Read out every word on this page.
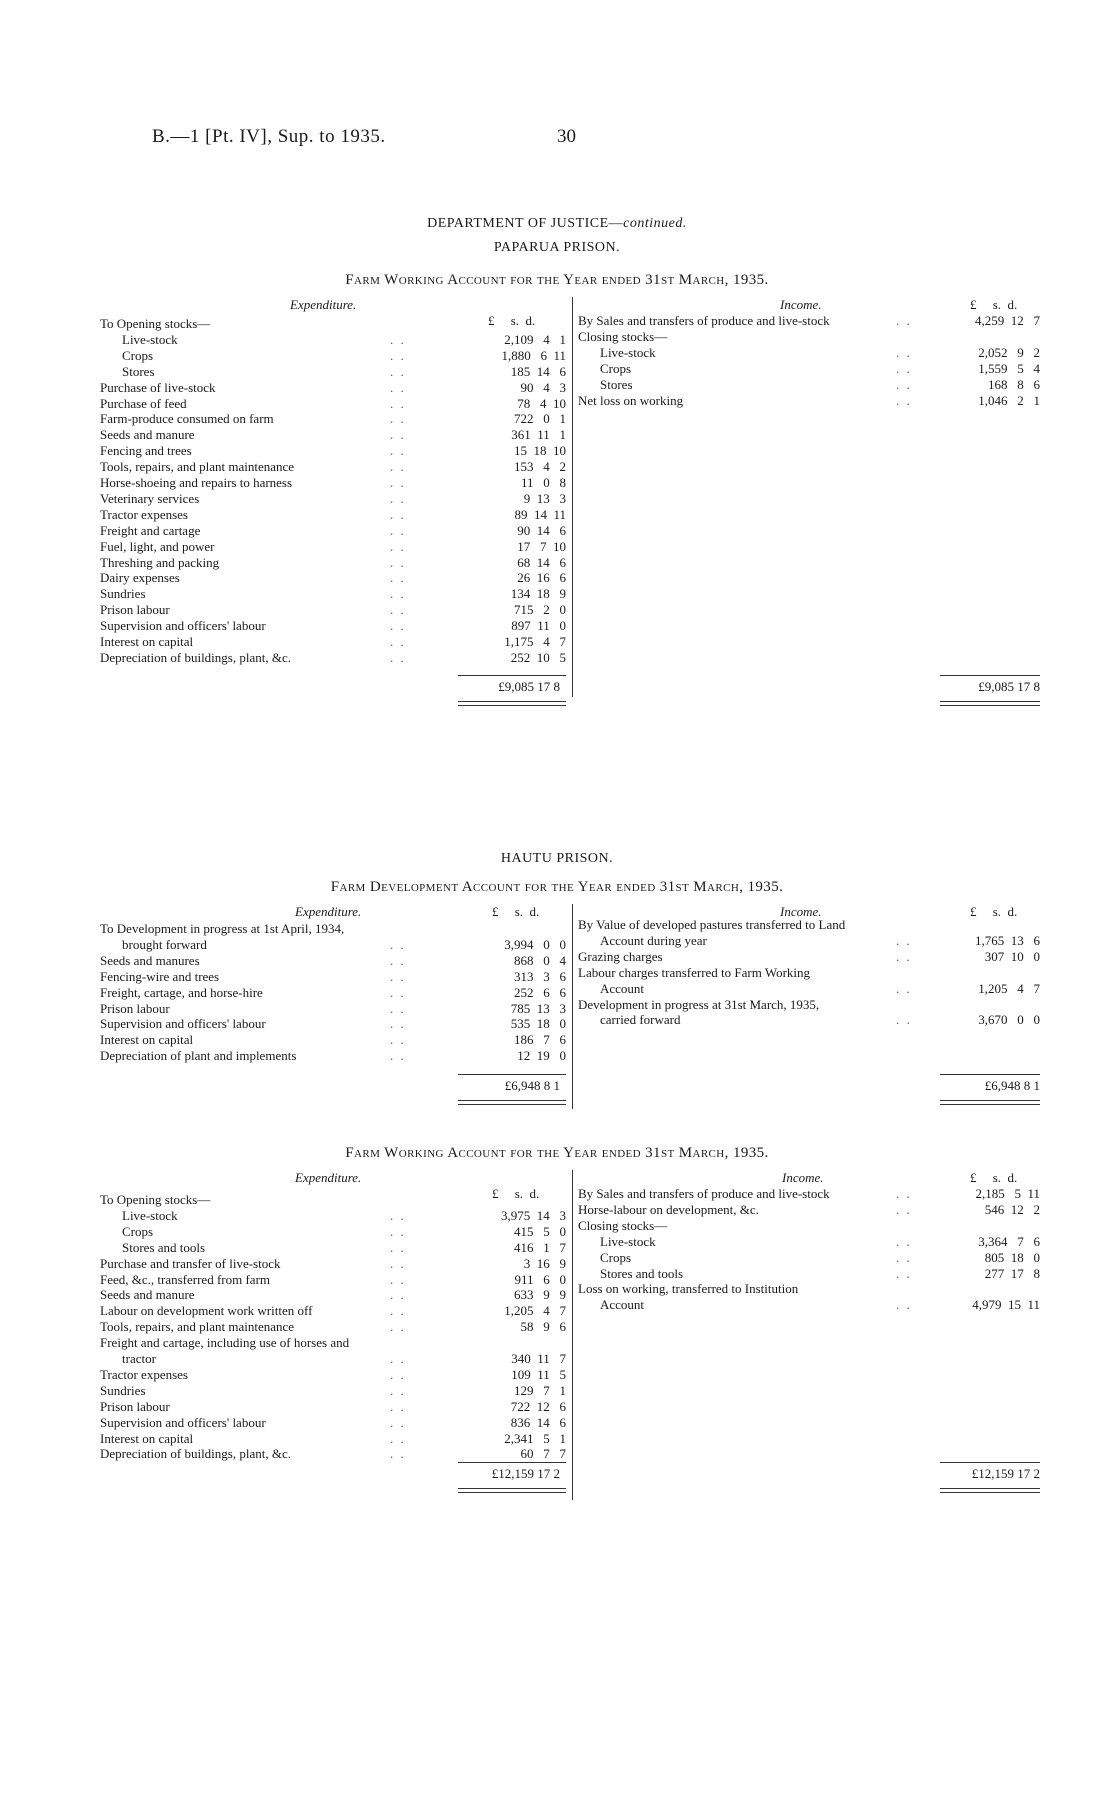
B.—1 [Pt. IV], Sup. to 1935.	30
DEPARTMENT OF JUSTICE—continued.
PAPARUA PRISON.
Farm Working Account for the Year ended 31st March, 1935.
Expenditure.
£     s.  d.
Income.	£     s.  d.
To Opening stocks—
Live-stock	. .	2,109   4   1
Crops	. .	1,880   6  11
Stores	. .	185  14   6
Purchase of live-stock	. .	90   4   3
Purchase of feed	. .	78   4  10
Farm-produce consumed on farm	. .	722   0   1
Seeds and manure	. .	361  11   1
Fencing and trees	. .	15  18  10
Tools, repairs, and plant maintenance	. .	153   4   2
Horse-shoeing and repairs to harness	. .	11   0   8
Veterinary services	. .	9  13   3
Tractor expenses	. .	89  14  11
Freight and cartage	. .	90  14   6
Fuel, light, and power	. .	17   7  10
Threshing and packing	. .	68  14   6
Dairy expenses	. .	26  16   6
Sundries	. .	134  18   9
Prison labour	. .	715   2   0
Supervision and officers' labour	. .	897  11   0
Interest on capital	. .	1,175   4   7
Depreciation of buildings, plant, &c.	. .	252  10   5
By Sales and transfers of produce and live-stock	. .	4,259  12   7
Closing stocks—
Live-stock	. .	2,052   9   2
Crops	. .	1,559   5   4
Stores	. .	168   8   6
Net loss on working	. .	1,046   2   1
£9,085 17 8	£9,085 17 8
HAUTU PRISON.
Farm Development Account for the Year ended 31st March, 1935.
Expenditure.	£     s.  d.	Income.	£     s.  d.
To Development in progress at 1st April, 1934,
brought forward	. .	3,994   0   0
Seeds and manures	. .	868   0   4
Fencing-wire and trees	. .	313   3   6
Freight, cartage, and horse-hire	. .	252   6   6
Prison labour	. .	785  13   3
Supervision and officers' labour	. .	535  18   0
Interest on capital	. .	186   7   6
Depreciation of plant and implements	. .	12  19   0
By Value of developed pastures transferred to Land
Account during year	. .	1,765  13   6
Grazing charges	. .	307  10   0
Labour charges transferred to Farm Working
Account	. .	1,205   4   7
Development in progress at 31st March, 1935,
carried forward	. .	3,670   0   0
£6,948 8 1	£6,948 8 1
Farm Working Account for the Year ended 31st March, 1935.
Expenditure.
£     s.  d.
Income.	£     s.  d.
To Opening stocks—
Live-stock	. .	3,975  14   3
Crops	. .	415   5   0
Stores and tools	. .	416   1   7
Purchase and transfer of live-stock	. .	3  16   9
Feed, &c., transferred from farm	. .	911   6   0
Seeds and manure	. .	633   9   9
Labour on development work written off	. .	1,205   4   7
Tools, repairs, and plant maintenance	. .	58   9   6
Freight and cartage, including use of horses and
tractor	. .	340  11   7
Tractor expenses	. .	109  11   5
Sundries	. .	129   7   1
Prison labour	. .	722  12   6
Supervision and officers' labour	. .	836  14   6
Interest on capital	. .	2,341   5   1
Depreciation of buildings, plant, &c.	. .	60   7   7
By Sales and transfers of produce and live-stock	. .	2,185   5  11
Horse-labour on development, &c.	. .	546  12   2
Closing stocks—
Live-stock	. .	3,364   7   6
Crops	. .	805  18   0
Stores and tools	. .	277  17   8
Loss on working, transferred to Institution
Account	. .	4,979  15  11
£12,159 17 2	£12,159 17 2
